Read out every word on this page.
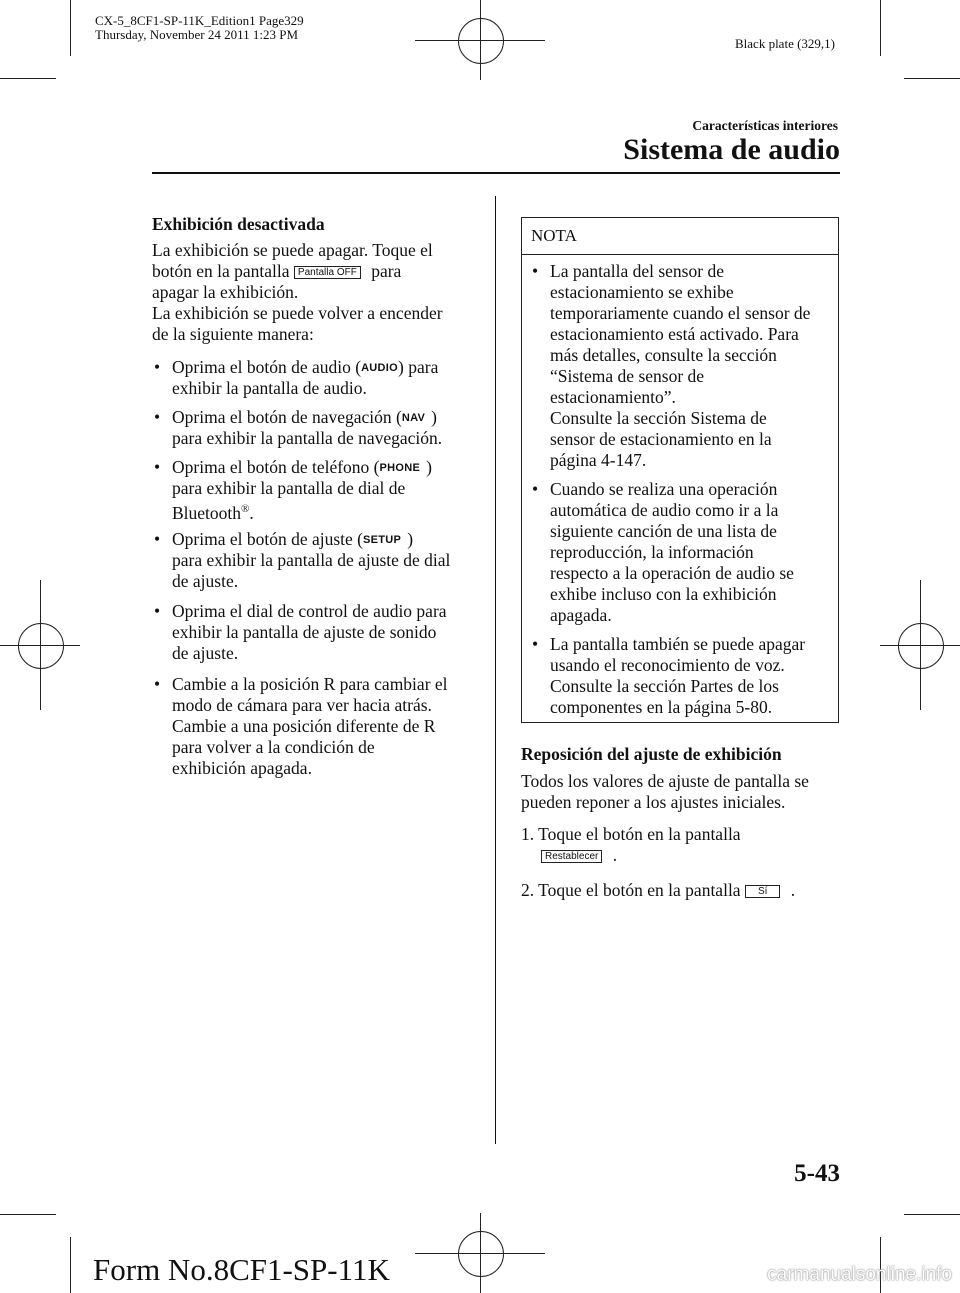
CX-5_8CF1-SP-11K_Edition1 Page329
Thursday, November 24 2011 1:23 PM
Black plate (329,1)
Características interiores
Sistema de audio
Exhibición desactivada
La exhibición se puede apagar. Toque el
botón en la pantalla Pantalla OFF para
apagar la exhibición.
La exhibición se puede volver a encender
de la siguiente manera:
• Oprima el botón de audio (AUDIO) para
exhibir la pantalla de audio.
• Oprima el botón de navegación (NAV )
para exhibir la pantalla de navegación.
• Oprima el botón de teléfono (PHONE )
para exhibir la pantalla de dial de
Bluetooth®.
• Oprima el botón de ajuste (SETUP )
para exhibir la pantalla de ajuste de dial
de ajuste.
• Oprima el dial de control de audio para
exhibir la pantalla de ajuste de sonido
de ajuste.
• Cambie a la posición R para cambiar el
modo de cámara para ver hacia atrás.
Cambie a una posición diferente de R
para volver a la condición de
exhibición apagada.
NOTA
• La pantalla del sensor de
estacionamiento se exhibe
temporariamente cuando el sensor de
estacionamiento está activado. Para
más detalles, consulte la sección
“Sistema de sensor de
estacionamiento”.
Consulte la sección Sistema de
sensor de estacionamiento en la
página 4-147.
• Cuando se realiza una operación
automática de audio como ir a la
siguiente canción de una lista de
reproducción, la información
respecto a la operación de audio se
exhibe incluso con la exhibición
apagada.
• La pantalla también se puede apagar
usando el reconocimiento de voz.
Consulte la sección Partes de los
componentes en la página 5-80.
Reposición del ajuste de exhibición
Todos los valores de ajuste de pantalla se
pueden reponer a los ajustes iniciales.
1. Toque el botón en la pantalla
Restablecer .
2. Toque el botón en la pantalla Sí .
5-43
Form No.8CF1-SP-11K	carmanualsonline.info
